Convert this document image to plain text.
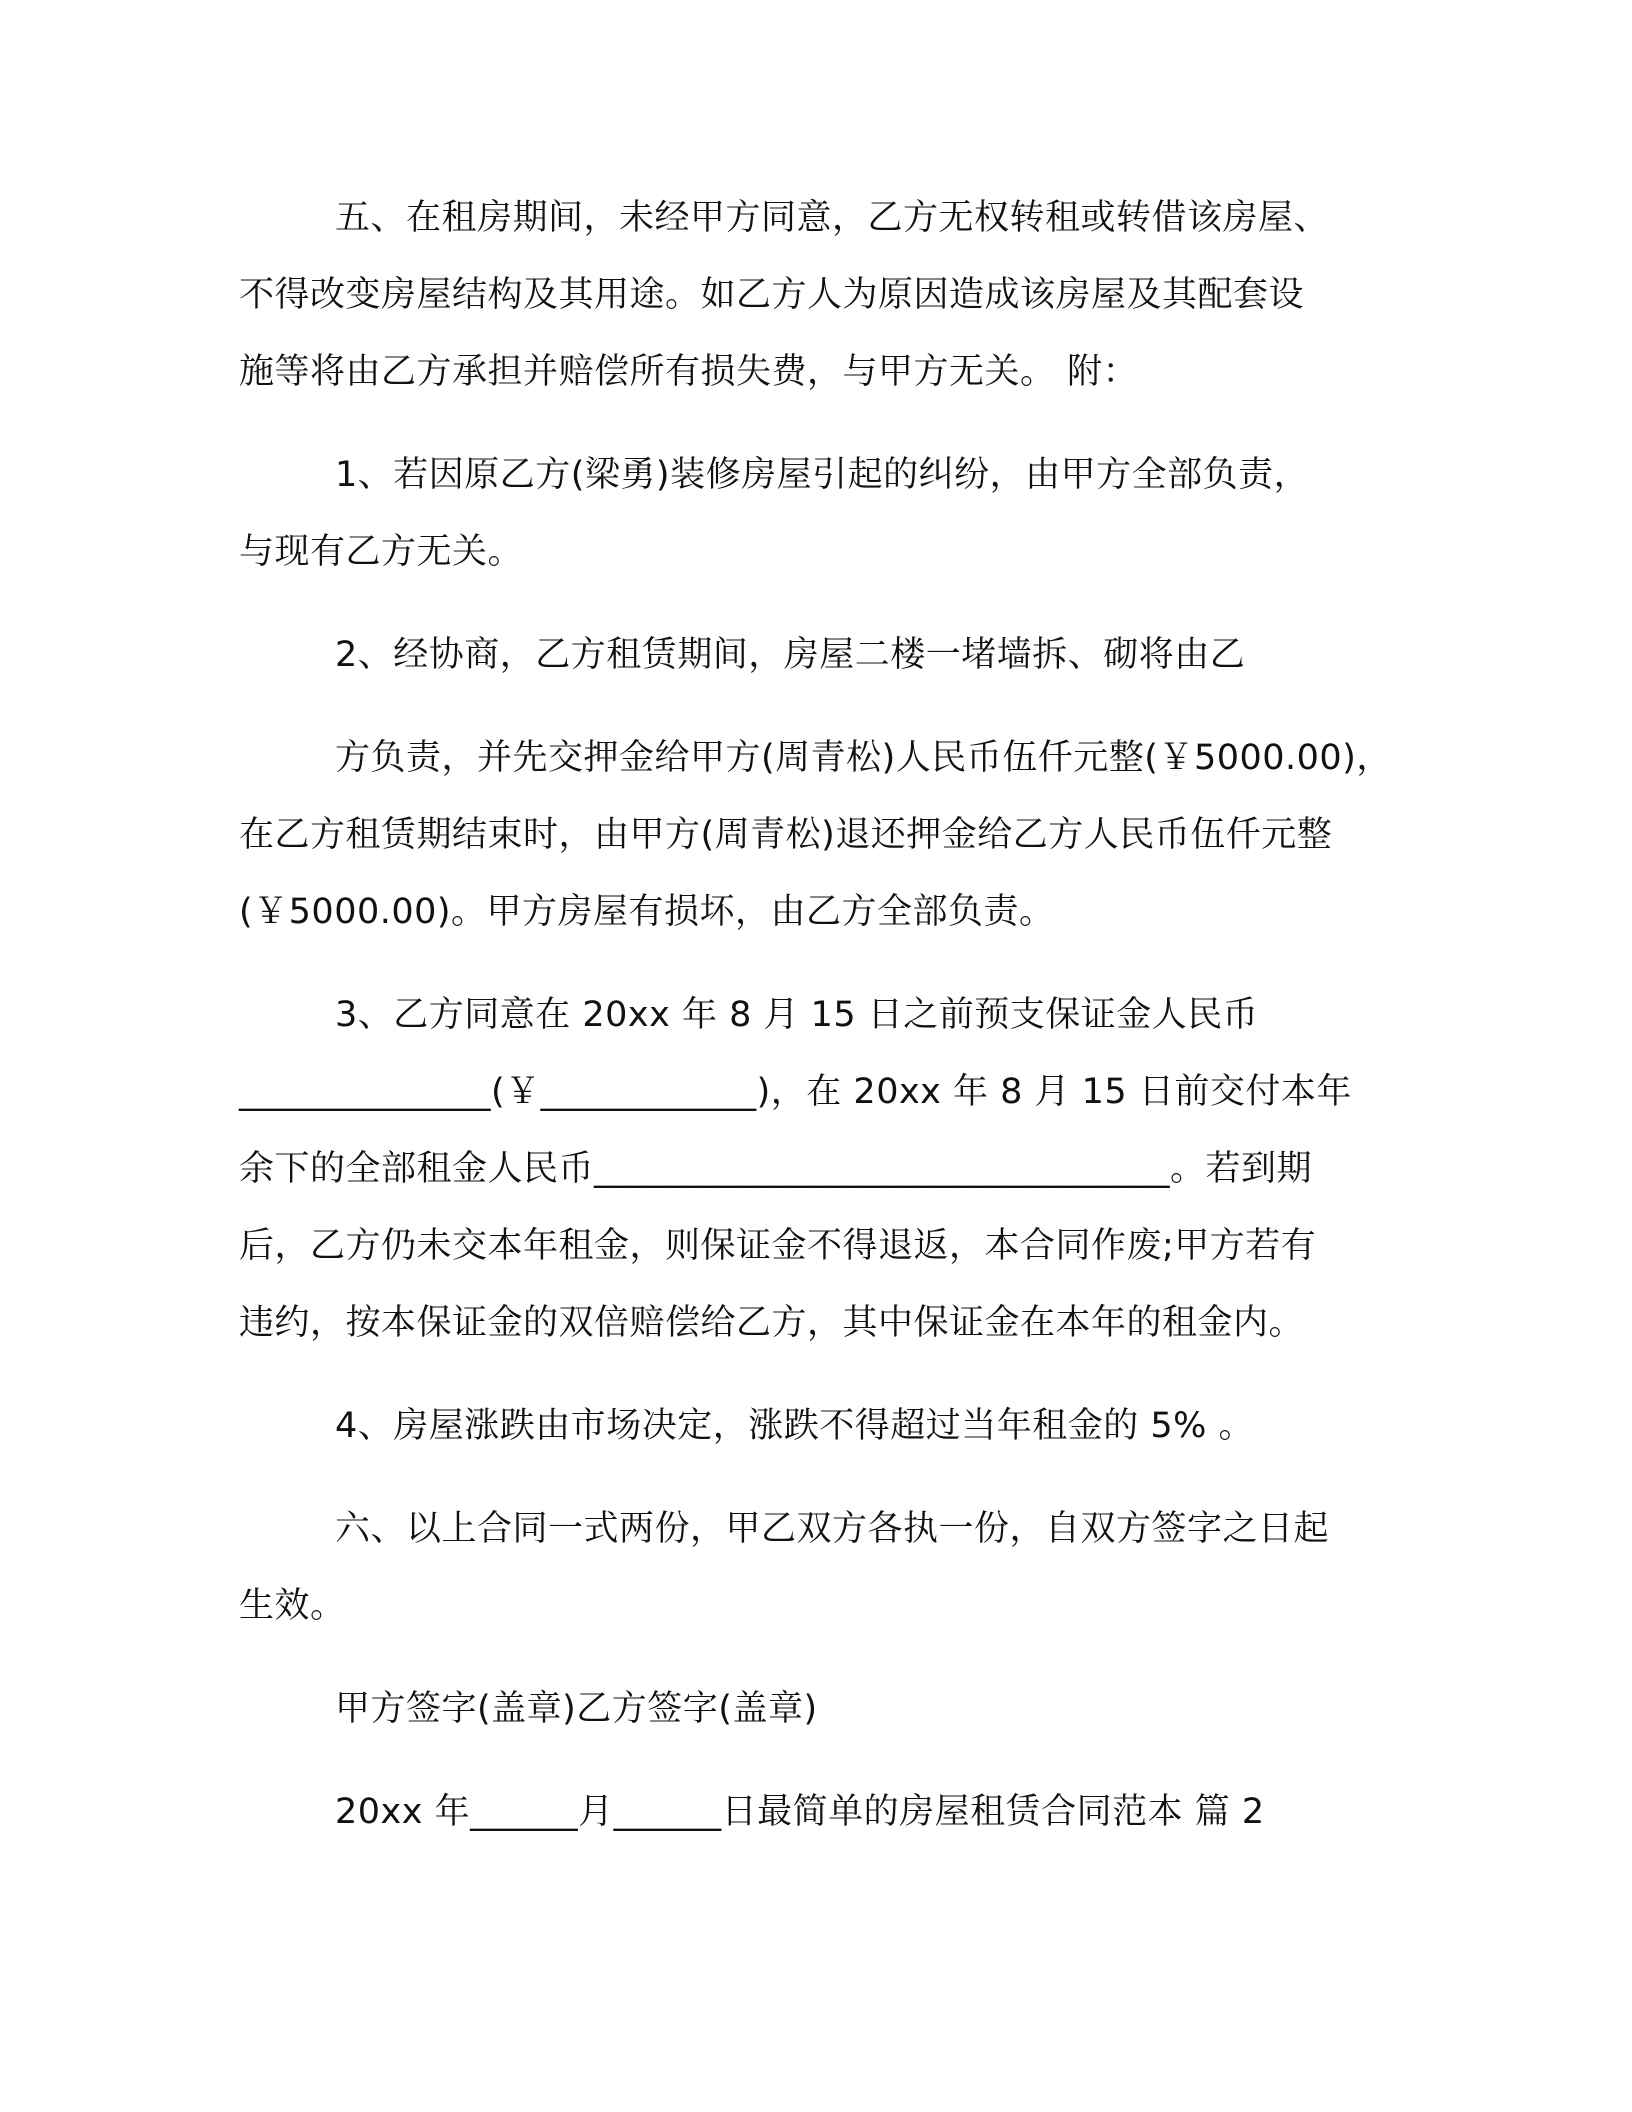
五、在租房期间，未经甲方同意，乙方无权转租或转借该房屋、
不得改变房屋结构及其用途。如乙方人为原因造成该房屋及其配套设
施等将由乙方承担并赔偿所有损失费，与甲方无关。 附：
1、若因原乙方(梁勇)装修房屋引起的纠纷，由甲方全部负责，
与现有乙方无关。
2、经协商，乙方租赁期间，房屋二楼一堵墙拆、砌将由乙
方负责，并先交押金给甲方(周青松)人民币伍仟元整(￥5000.00)，
在乙方租赁期结束时，由甲方(周青松)退还押金给乙方人民币伍仟元整
(￥5000.00)。甲方房屋有损坏，由乙方全部负责。
3、乙方同意在 20xx 年 8 月 15 日之前预支保证金人民币
______________(￥____________)，在 20xx 年 8 月 15 日前交付本年
余下的全部租金人民币________________________________。若到期
后，乙方仍未交本年租金，则保证金不得退返，本合同作废;甲方若有
违约，按本保证金的双倍赔偿给乙方，其中保证金在本年的租金内。
4、房屋涨跌由市场决定，涨跌不得超过当年租金的 5% 。
六、以上合同一式两份，甲乙双方各执一份，自双方签字之日起
生效。
甲方签字(盖章)乙方签字(盖章)
20xx 年______月______日最简单的房屋租赁合同范本 篇 2
